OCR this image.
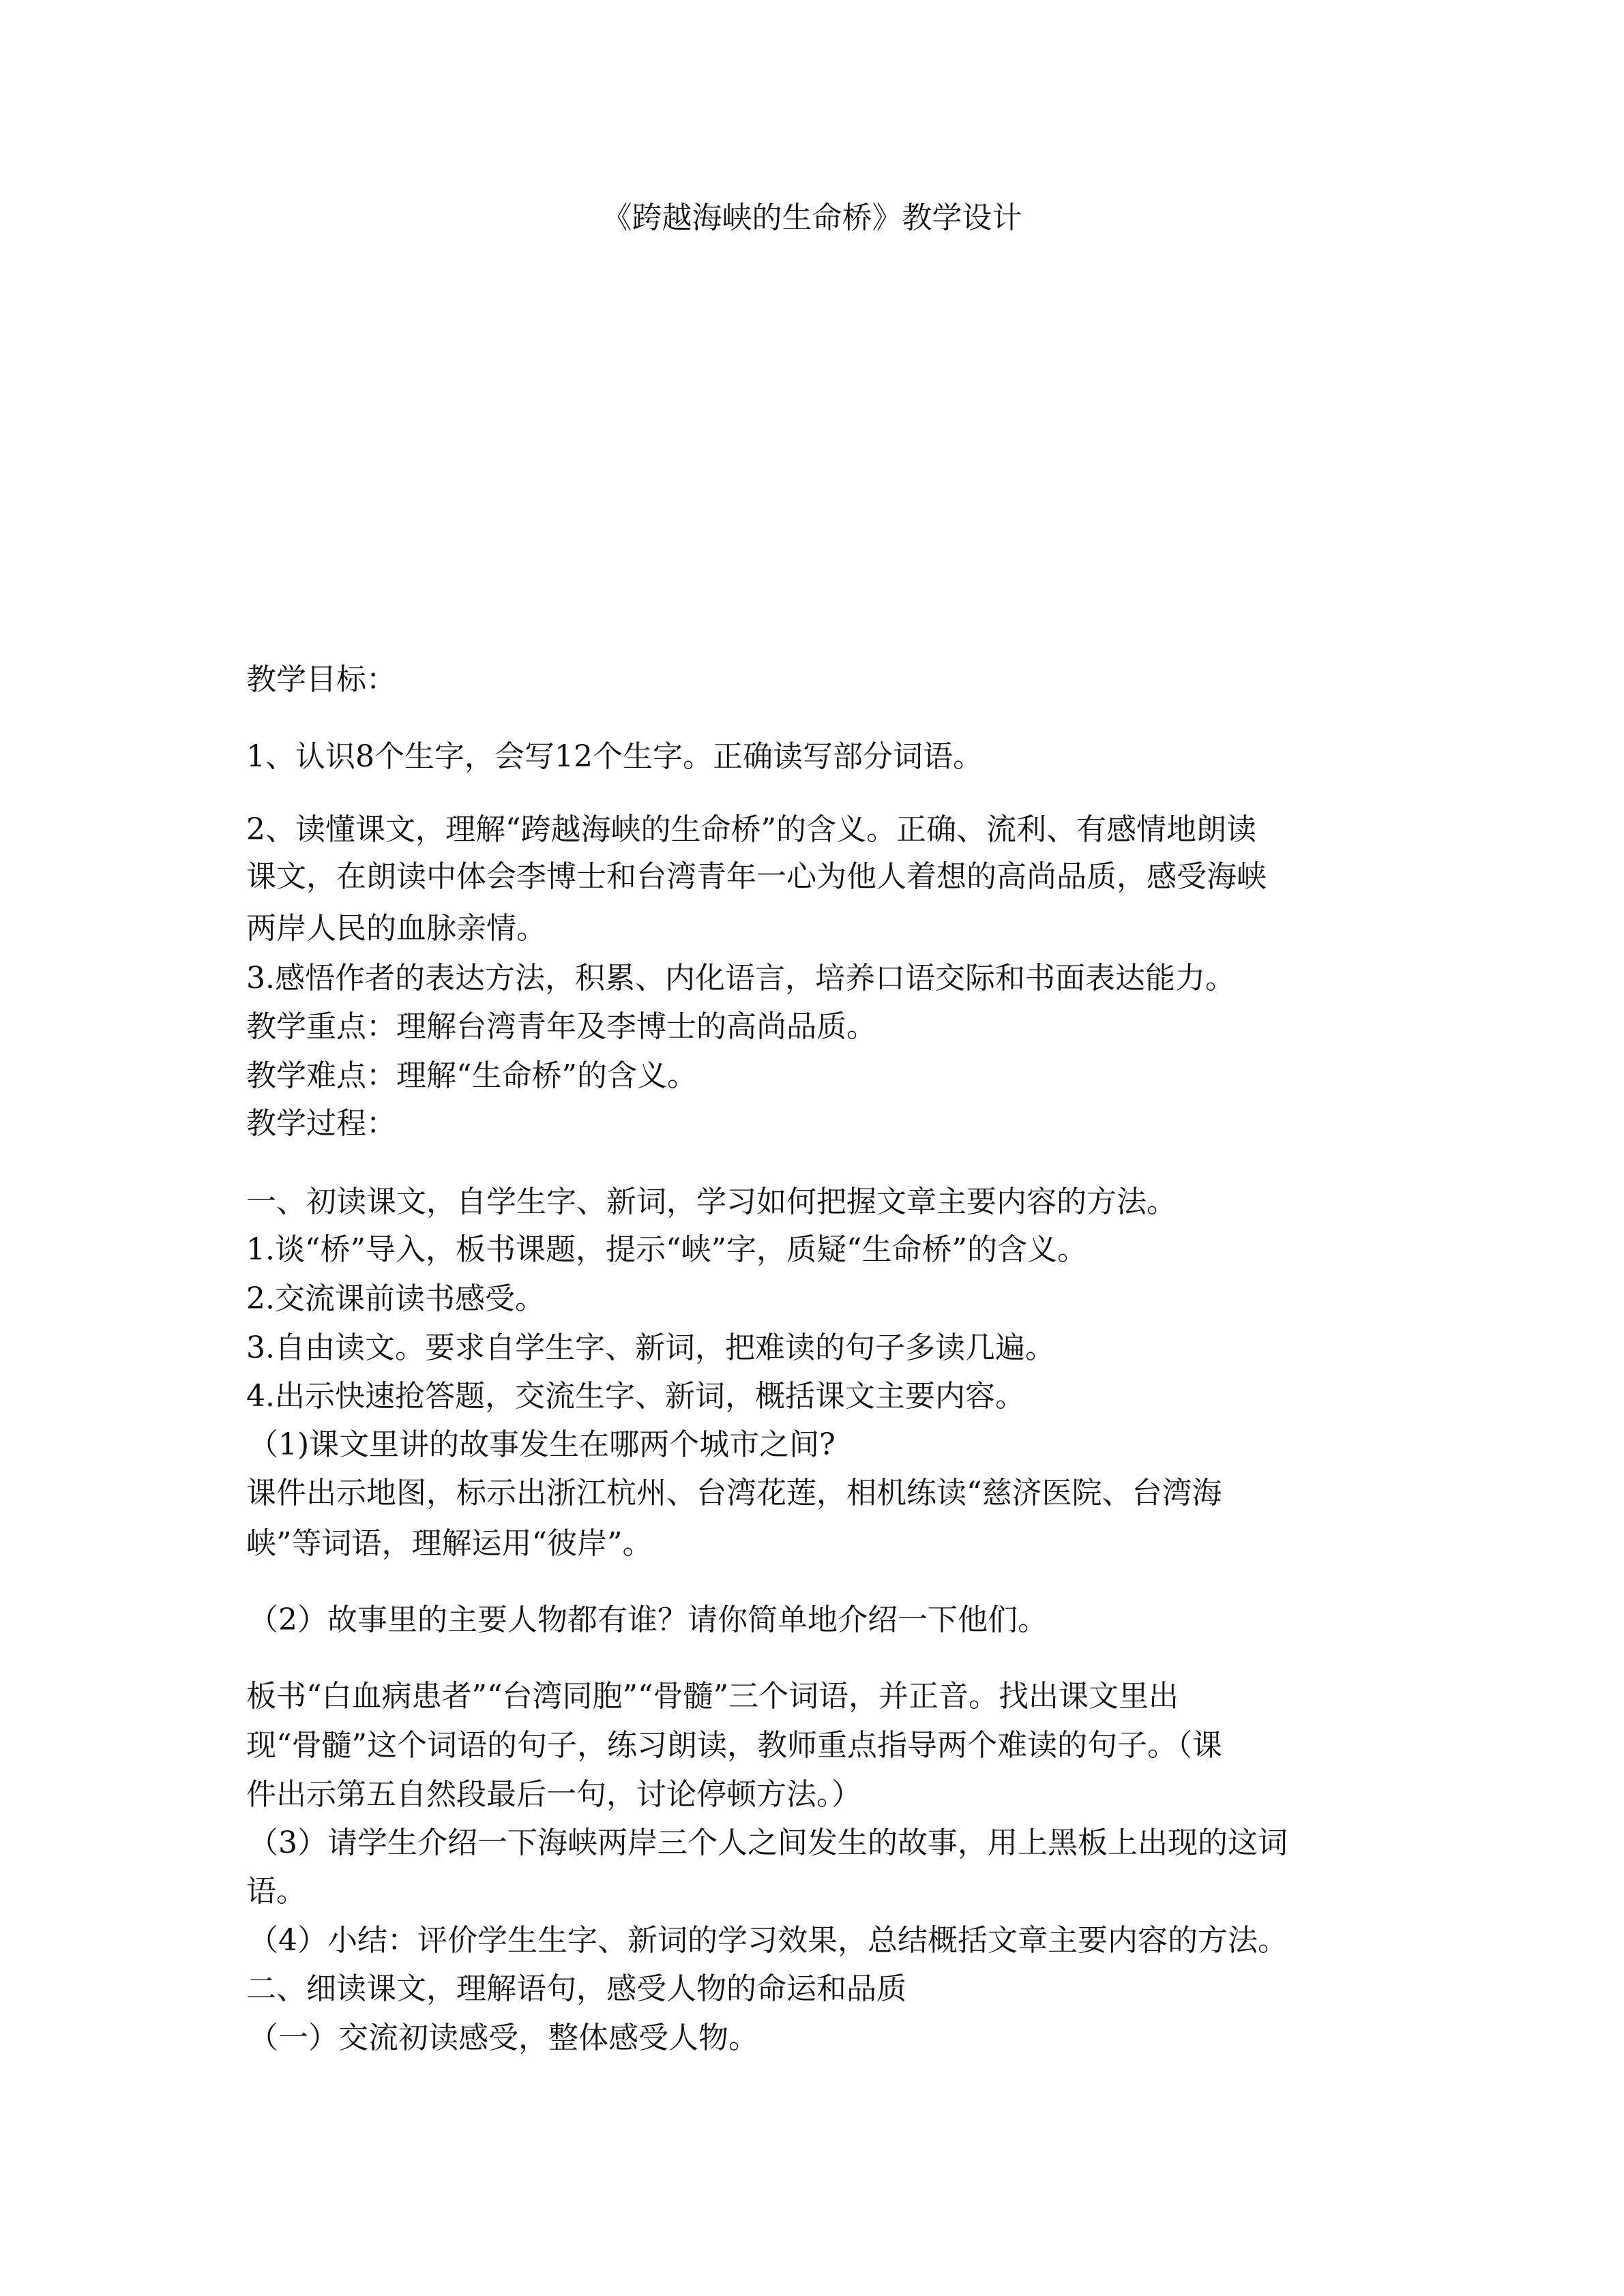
《跨越海峡的生命桥》教学设计
教学目标：
1、认识8个生字，会写12个生字。正确读写部分词语。
2、读懂课文，理解“跨越海峡的生命桥”的含义。正确、流利、有感情地朗读
课文，在朗读中体会李博士和台湾青年一心为他人着想的高尚品质，感受海峡
两岸人民的血脉亲情。
3.感悟作者的表达方法，积累、内化语言，培养口语交际和书面表达能力。
教学重点：理解台湾青年及李博士的高尚品质。
教学难点：理解“生命桥”的含义。
教学过程：
一、初读课文，自学生字、新词，学习如何把握文章主要内容的方法。
1.谈“桥”导入，板书课题，提示“峡”字，质疑“生命桥”的含义。
2.交流课前读书感受。
3.自由读文。要求自学生字、新词，把难读的句子多读几遍。
4.出示快速抢答题，交流生字、新词，概括课文主要内容。
（1)课文里讲的故事发生在哪两个城市之间?
课件出示地图，标示出浙江杭州、台湾花莲，相机练读“慈济医院、台湾海
峡”等词语，理解运用“彼岸”。
（2）故事里的主要人物都有谁？请你简单地介绍一下他们。
板书“白血病患者”“台湾同胞”“骨髓”三个词语，并正音。找出课文里出
现“骨髓”这个词语的句子，练习朗读，教师重点指导两个难读的句子。（课
件出示第五自然段最后一句，讨论停顿方法。）
（3）请学生介绍一下海峡两岸三个人之间发生的故事，用上黑板上出现的这词
语。
（4）小结：评价学生生字、新词的学习效果，总结概括文章主要内容的方法。
二、细读课文，理解语句，感受人物的命运和品质
（一）交流初读感受，整体感受人物。
